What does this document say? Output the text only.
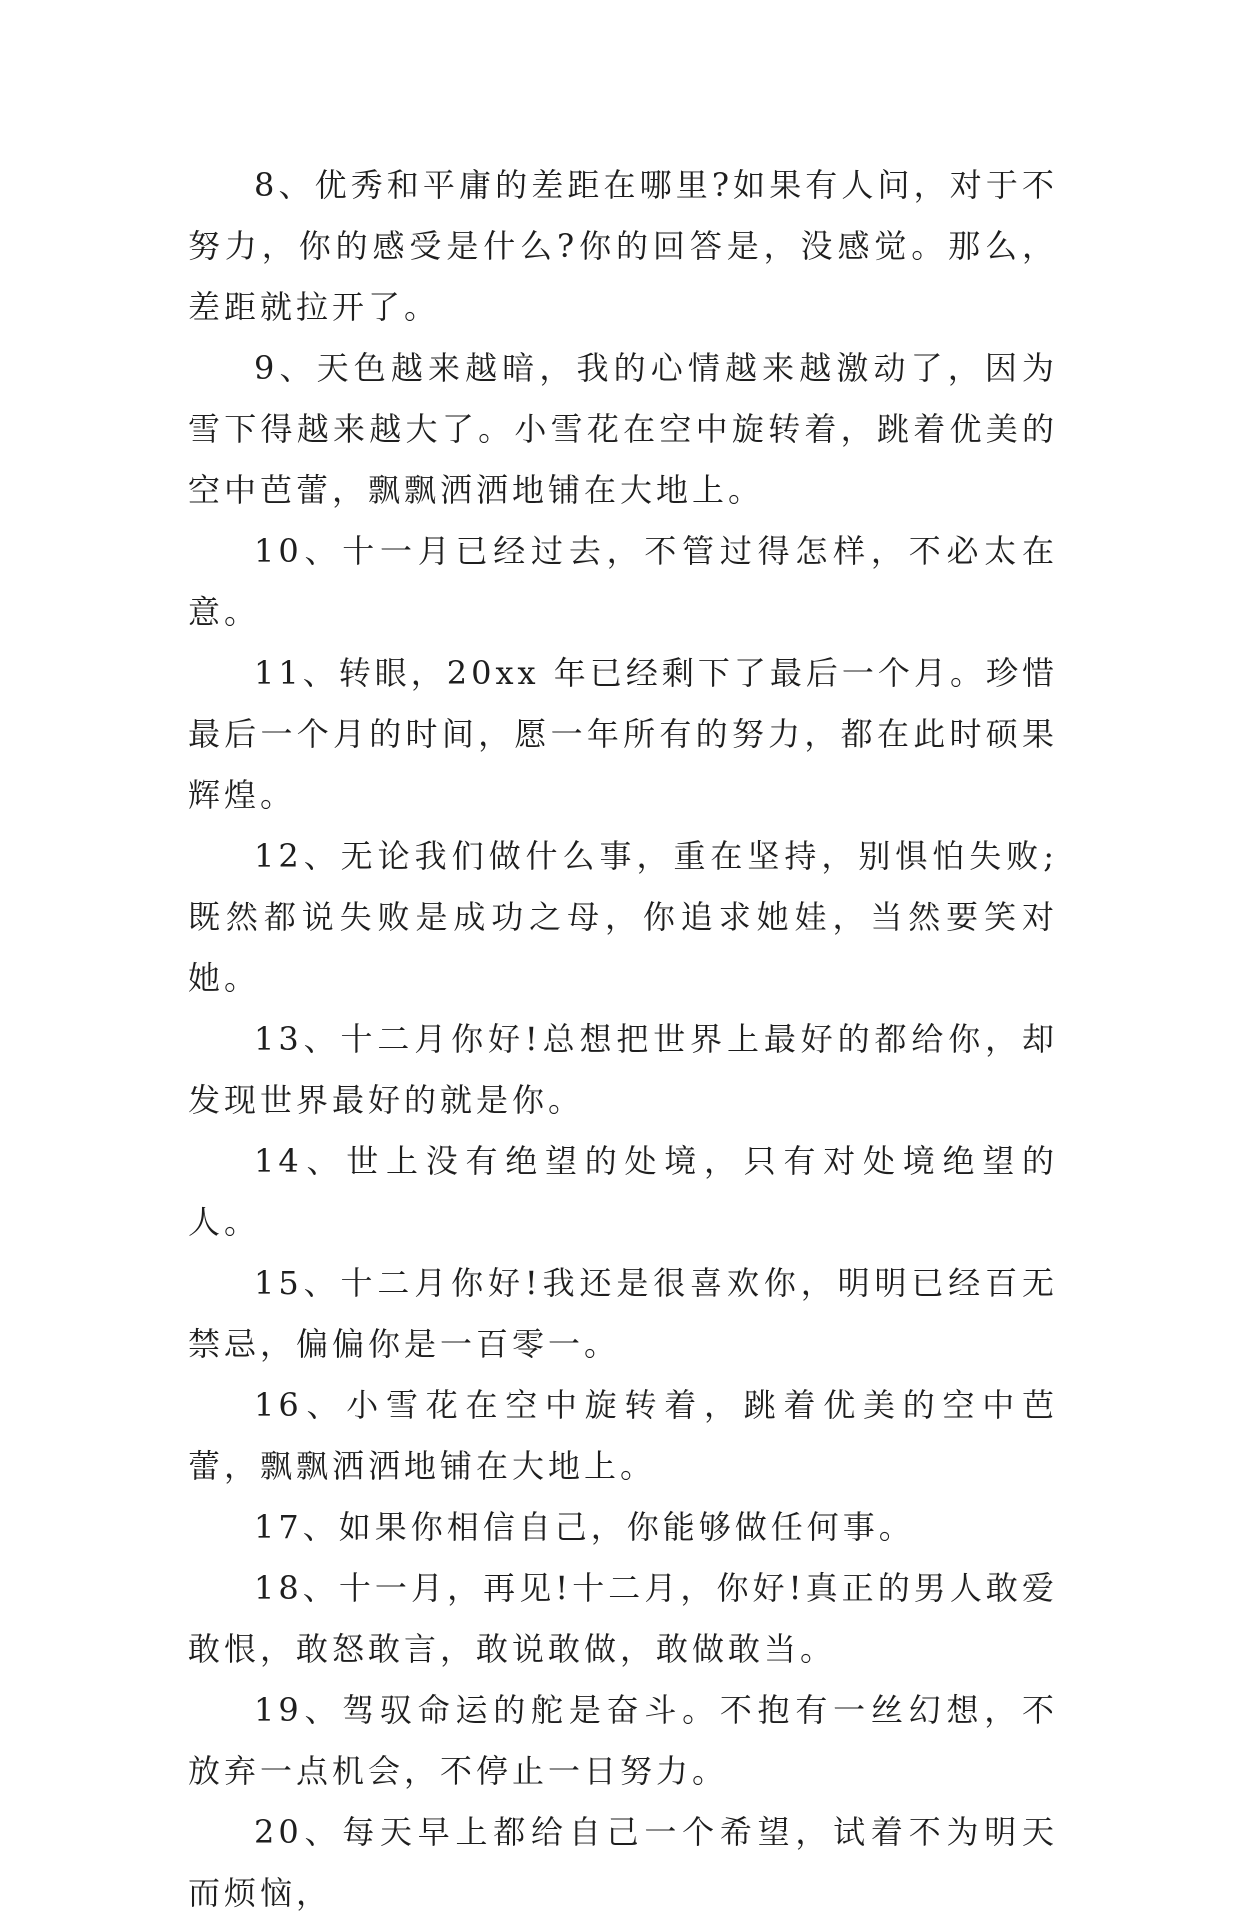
8、优秀和平庸的差距在哪里?如果有人问，对于不努力，你的感受是什么?你的回答是，没感觉。那么，差距就拉开了。

9、天色越来越暗，我的心情越来越激动了，因为雪下得越来越大了。小雪花在空中旋转着，跳着优美的空中芭蕾，飘飘洒洒地铺在大地上。

10、十一月已经过去，不管过得怎样，不必太在意。

11、转眼，20xx 年已经剩下了最后一个月。珍惜最后一个月的时间，愿一年所有的努力，都在此时硕果辉煌。

12、无论我们做什么事，重在坚持，别惧怕失败;既然都说失败是成功之母，你追求她娃，当然要笑对她。

13、十二月你好!总想把世界上最好的都给你，却发现世界最好的就是你。

14、世上没有绝望的处境，只有对处境绝望的人。

15、十二月你好!我还是很喜欢你，明明已经百无禁忌，偏偏你是一百零一。

16、小雪花在空中旋转着，跳着优美的空中芭蕾，飘飘洒洒地铺在大地上。

17、如果你相信自己，你能够做任何事。

18、十一月，再见!十二月，你好!真正的男人敢爱敢恨，敢怒敢言，敢说敢做，敢做敢当。

19、驾驭命运的舵是奋斗。不抱有一丝幻想，不放弃一点机会，不停止一日努力。

20、每天早上都给自己一个希望，试着不为明天而烦恼，
